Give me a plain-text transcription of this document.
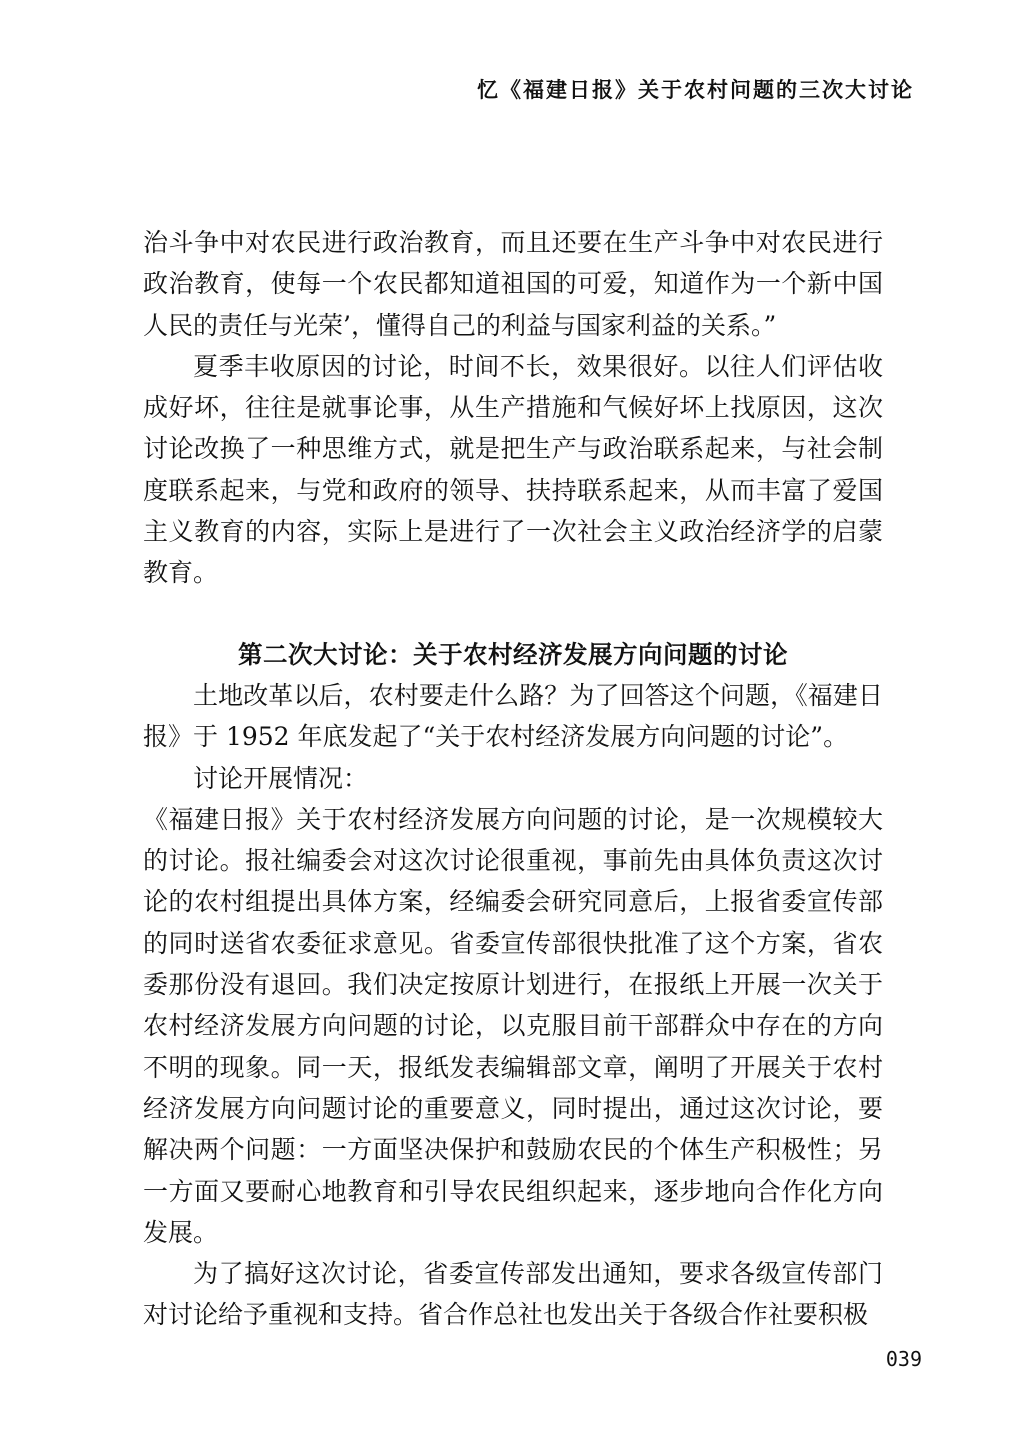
忆《福建日报》关于农村问题的三次大讨论

治斗争中对农民进行政治教育，而且还要在生产斗争中对农民进行政治教育，使每一个农民都知道祖国的可爱，知道作为一个新中国人民的责任与光荣’，懂得自己的利益与国家利益的关系。”

夏季丰收原因的讨论，时间不长，效果很好。以往人们评估收成好坏，往往是就事论事，从生产措施和气候好坏上找原因，这次讨论改换了一种思维方式，就是把生产与政治联系起来，与社会制度联系起来，与党和政府的领导、扶持联系起来，从而丰富了爱国主义教育的内容，实际上是进行了一次社会主义政治经济学的启蒙教育。

第二次大讨论：关于农村经济发展方向问题的讨论

土地改革以后，农村要走什么路？为了回答这个问题，《福建日报》于 1952 年底发起了“关于农村经济发展方向问题的讨论”。

讨论开展情况：

《福建日报》关于农村经济发展方向问题的讨论，是一次规模较大的讨论。报社编委会对这次讨论很重视，事前先由具体负责这次讨论的农村组提出具体方案，经编委会研究同意后，上报省委宣传部的同时送省农委征求意见。省委宣传部很快批准了这个方案，省农委那份没有退回。我们决定按原计划进行，在报纸上开展一次关于农村经济发展方向问题的讨论，以克服目前干部群众中存在的方向不明的现象。同一天，报纸发表编辑部文章，阐明了开展关于农村经济发展方向问题讨论的重要意义，同时提出，通过这次讨论，要解决两个问题：一方面坚决保护和鼓励农民的个体生产积极性；另一方面又要耐心地教育和引导农民组织起来，逐步地向合作化方向发展。

为了搞好这次讨论，省委宣传部发出通知，要求各级宣传部门对讨论给予重视和支持。省合作总社也发出关于各级合作社要积极

039
